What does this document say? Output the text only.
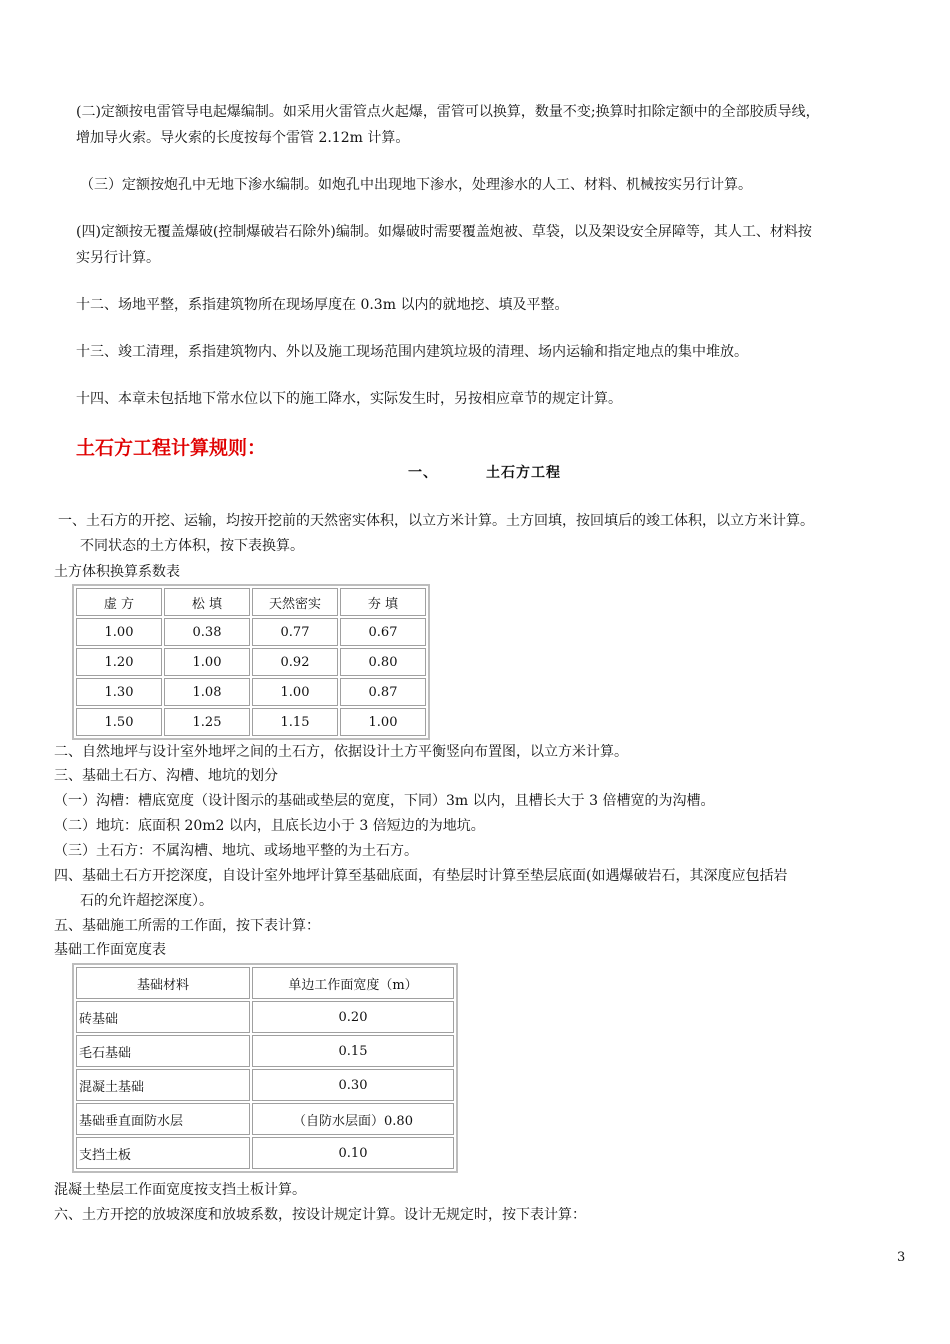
(二)定额按电雷管导电起爆编制。如采用火雷管点火起爆，雷管可以换算，数量不变;换算时扣除定额中的全部胶质导线，
增加导火索。导火索的长度按每个雷管 2.12m 计算。
（三）定额按炮孔中无地下渗水编制。如炮孔中出现地下渗水，处理渗水的人工、材料、机械按实另行计算。
(四)定额按无覆盖爆破(控制爆破岩石除外)编制。如爆破时需要覆盖炮被、草袋，以及架设安全屏障等，其人工、材料按
实另行计算。
十二、场地平整，系指建筑物所在现场厚度在 0.3m 以内的就地挖、填及平整。
十三、竣工清理，系指建筑物内、外以及施工现场范围内建筑垃圾的清理、场内运输和指定地点的集中堆放。
十四、本章未包括地下常水位以下的施工降水，实际发生时，另按相应章节的规定计算。
土石方工程计算规则：
一、	土石方工程
一、土石方的开挖、运输，均按开挖前的天然密实体积，以立方米计算。土方回填，按回填后的竣工体积，以立方米计算。
不同状态的土方体积，按下表换算。
土方体积换算系数表
虚 方	松 填	天然密实	夯 填
1.00	0.38	0.77	0.67
1.20	1.00	0.92	0.80
1.30	1.08	1.00	0.87
1.50	1.25	1.15	1.00
二、自然地坪与设计室外地坪之间的土石方，依据设计土方平衡竖向布置图，以立方米计算。
三、基础土石方、沟槽、地坑的划分
（一）沟槽：槽底宽度（设计图示的基础或垫层的宽度，下同）3m 以内，且槽长大于 3 倍槽宽的为沟槽。
（二）地坑：底面积 20m2 以内，且底长边小于 3 倍短边的为地坑。
（三）土石方：不属沟槽、地坑、或场地平整的为土石方。
四、基础土石方开挖深度，自设计室外地坪计算至基础底面，有垫层时计算至垫层底面(如遇爆破岩石，其深度应包括岩
石的允许超挖深度）。
五、基础施工所需的工作面，按下表计算：
基础工作面宽度表
基础材料	单边工作面宽度（m）
砖基础	0.20
毛石基础	0.15
混凝土基础	0.30
基础垂直面防水层	（自防水层面）0.80
支挡土板	0.10
混凝土垫层工作面宽度按支挡土板计算。
六、土方开挖的放坡深度和放坡系数，按设计规定计算。设计无规定时，按下表计算：
3
